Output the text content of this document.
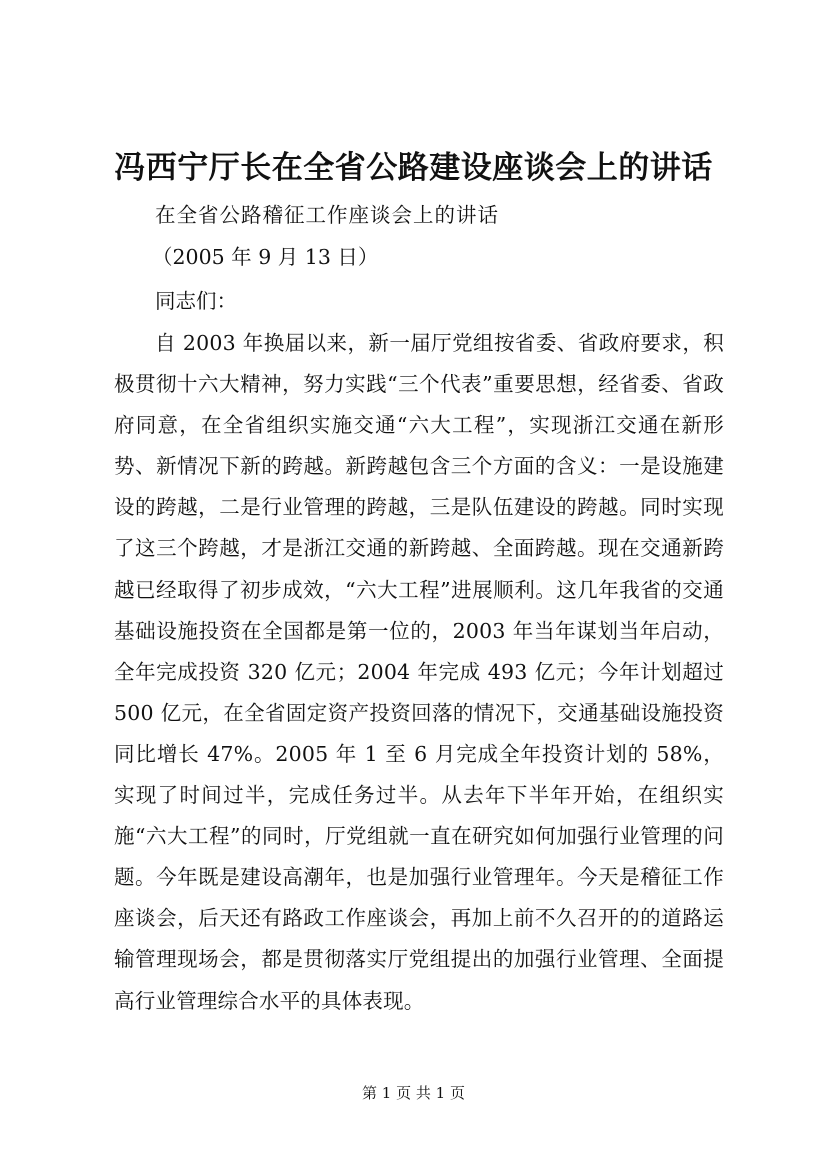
冯西宁厅长在全省公路建设座谈会上的讲话
在全省公路稽征工作座谈会上的讲话
（2005 年 9 月 13 日）
同志们：

自 2003 年换届以来，新一届厅党组按省委、省政府要求，积极贯彻十六大精神，努力实践“三个代表”重要思想，经省委、省政府同意，在全省组织实施交通“六大工程”，实现浙江交通在新形势、新情况下新的跨越。新跨越包含三个方面的含义：一是设施建设的跨越，二是行业管理的跨越，三是队伍建设的跨越。同时实现了这三个跨越，才是浙江交通的新跨越、全面跨越。现在交通新跨越已经取得了初步成效，“六大工程”进展顺利。这几年我省的交通基础设施投资在全国都是第一位的，2003 年当年谋划当年启动，全年完成投资 320 亿元；2004 年完成 493 亿元；今年计划超过 500 亿元，在全省固定资产投资回落的情况下，交通基础设施投资同比增长 47%。2005 年 1 至 6 月完成全年投资计划的 58%，实现了时间过半，完成任务过半。从去年下半年开始，在组织实施“六大工程”的同时，厅党组就一直在研究如何加强行业管理的问题。今年既是建设高潮年，也是加强行业管理年。今天是稽征工作座谈会，后天还有路政工作座谈会，再加上前不久召开的的道路运输管理现场会，都是贯彻落实厅党组提出的加强行业管理、全面提高行业管理综合水平的具体表现。

第 1 页 共 1 页
